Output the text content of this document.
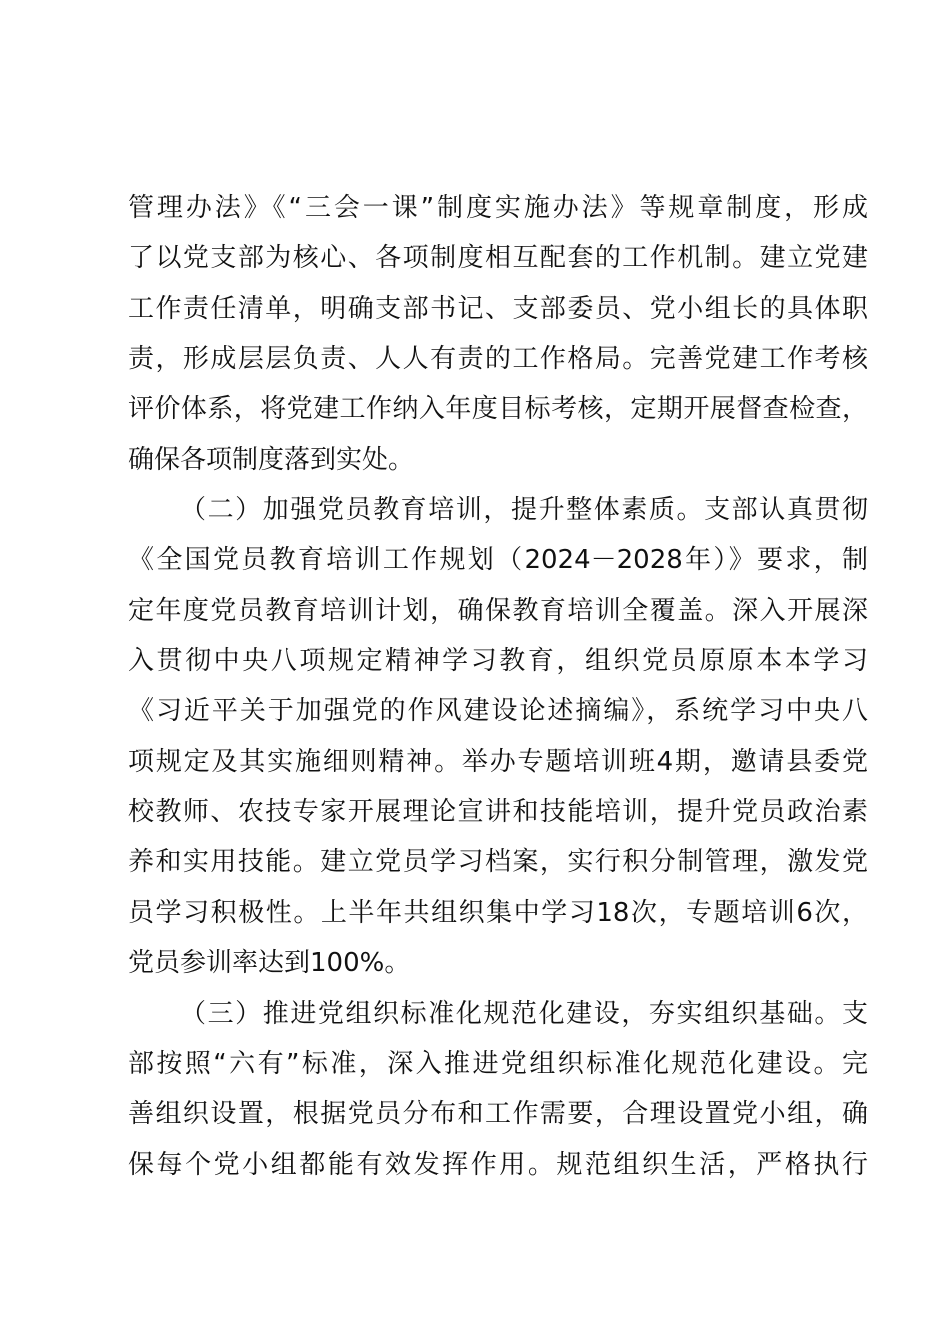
管理办法》《“三会一课”制度实施办法》等规章制度，形成
了以党支部为核心、各项制度相互配套的工作机制。建立党建
工作责任清单，明确支部书记、支部委员、党小组长的具体职
责，形成层层负责、人人有责的工作格局。完善党建工作考核
评价体系，将党建工作纳入年度目标考核，定期开展督查检查，
确保各项制度落到实处。
（二）加强党员教育培训，提升整体素质。支部认真贯彻
《全国党员教育培训工作规划（2024－2028年）》要求，制
定年度党员教育培训计划，确保教育培训全覆盖。深入开展深
入贯彻中央八项规定精神学习教育，组织党员原原本本学习
《习近平关于加强党的作风建设论述摘编》，系统学习中央八
项规定及其实施细则精神。举办专题培训班4期，邀请县委党
校教师、农技专家开展理论宣讲和技能培训，提升党员政治素
养和实用技能。建立党员学习档案，实行积分制管理，激发党
员学习积极性。上半年共组织集中学习18次，专题培训6次，
党员参训率达到100%。
（三）推进党组织标准化规范化建设，夯实组织基础。支
部按照“六有”标准，深入推进党组织标准化规范化建设。完
善组织设置，根据党员分布和工作需要，合理设置党小组，确
保每个党小组都能有效发挥作用。规范组织生活，严格执行
